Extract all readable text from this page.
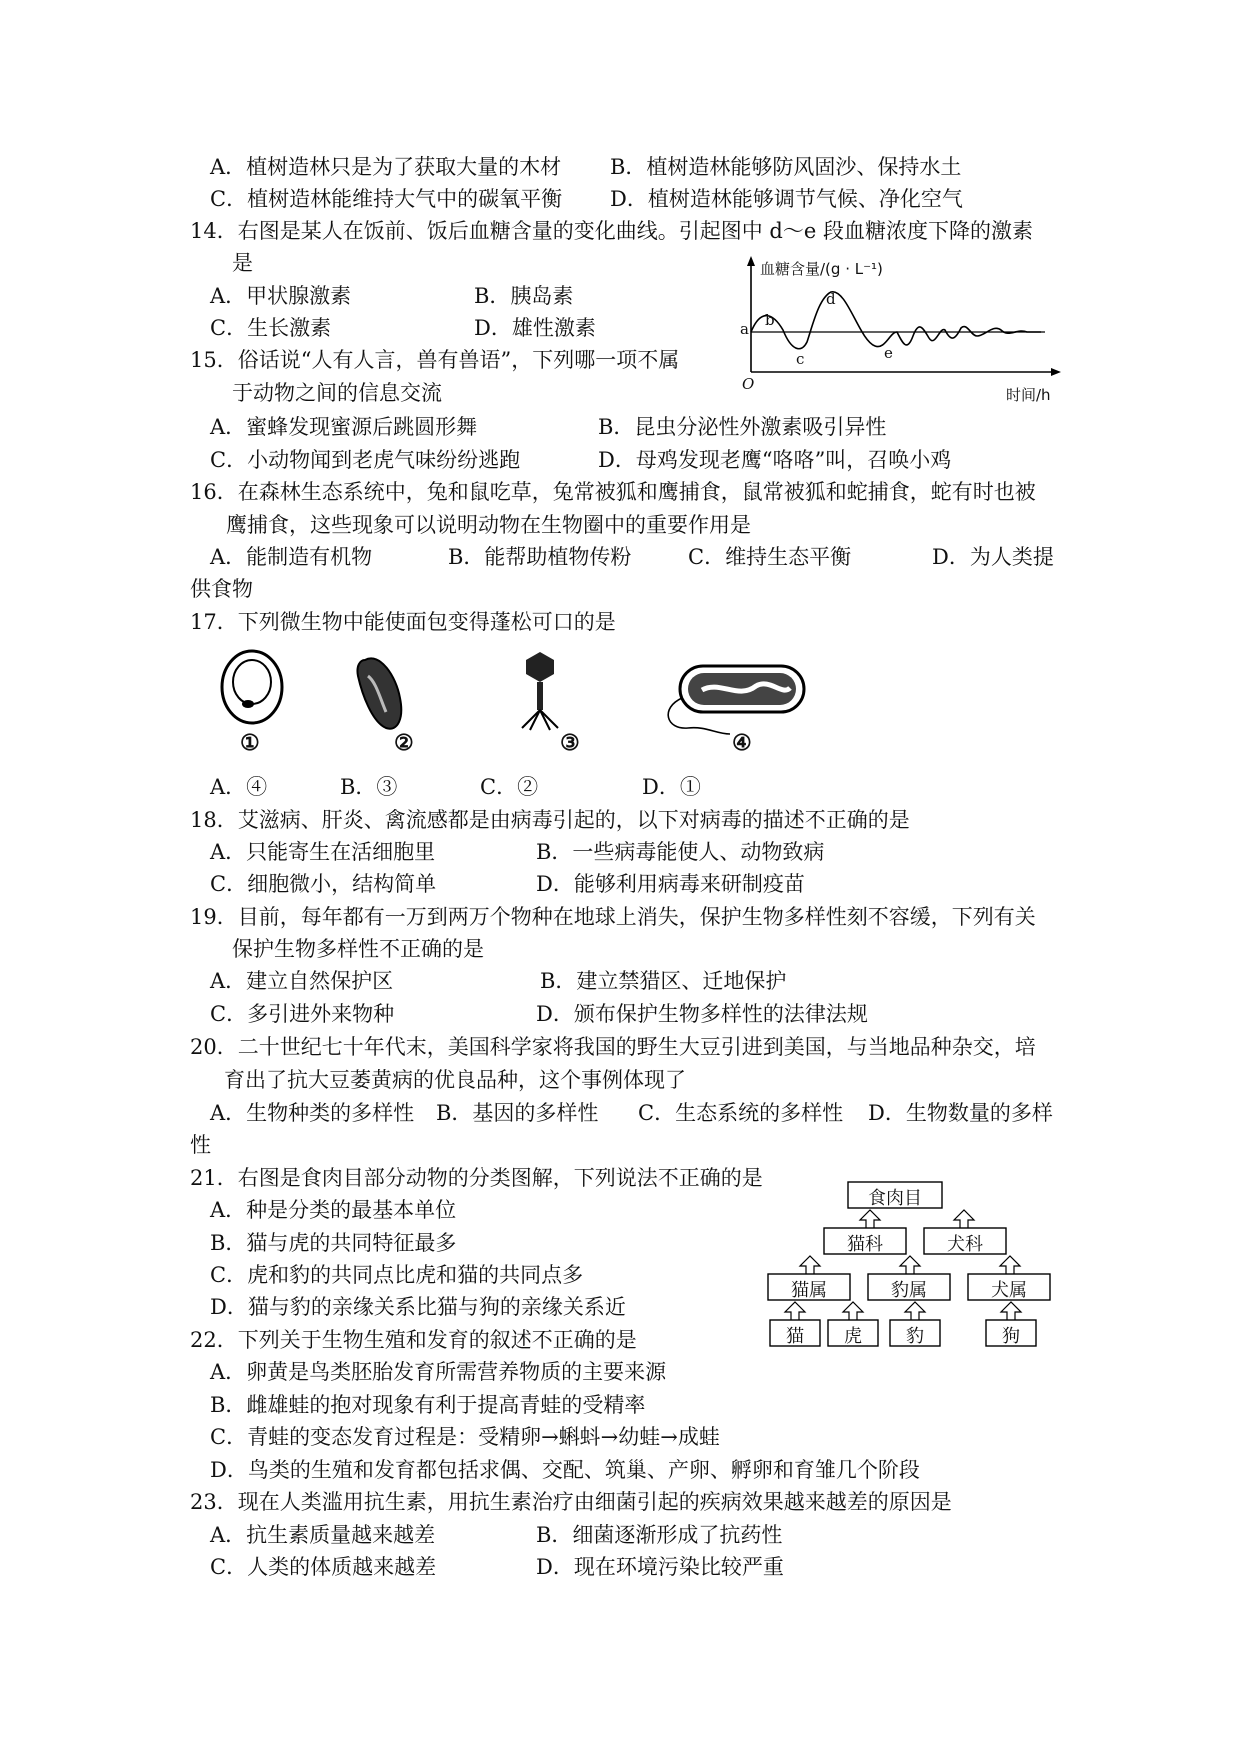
A．植树造林只是为了获取大量的木材 B．植树造林能够防风固沙、保持水土
C．植树造林能维持大气中的碳氧平衡 D．植树造林能够调节气候、净化空气
14．右图是某人在饭前、饭后血糖含量的变化曲线。引起图中 d～e 段血糖浓度下降的激素
是
A．甲状腺激素	B．胰岛素
C．生长激素	D．雄性激素
血糖含量/(g · L⁻¹)
a b
c
d
e
O
时间/h
15．俗话说“人有人言，兽有兽语”，下列哪一项不属
于动物之间的信息交流
A．蜜蜂发现蜜源后跳圆形舞	B．昆虫分泌性外激素吸引异性
C．小动物闻到老虎气味纷纷逃跑	D．母鸡发现老鹰“咯咯”叫，召唤小鸡
16．在森林生态系统中，兔和鼠吃草，兔常被狐和鹰捕食，鼠常被狐和蛇捕食，蛇有时也被
鹰捕食，这些现象可以说明动物在生物圈中的重要作用是
A．能制造有机物	B．能帮助植物传粉	C．维持生态平衡	D．为人类提
供食物
17．下列微生物中能使面包变得蓬松可口的是
①	②	③	④
A．④	B．③	C．②	D．①
18．艾滋病、肝炎、禽流感都是由病毒引起的，以下对病毒的描述不正确的是
A．只能寄生在活细胞里	B．一些病毒能使人、动物致病
C．细胞微小，结构简单	D．能够利用病毒来研制疫苗
19．目前，每年都有一万到两万个物种在地球上消失，保护生物多样性刻不容缓，下列有关
保护生物多样性不正确的是
A．建立自然保护区	B．建立禁猎区、迁地保护
C．多引进外来物种	D．颁布保护生物多样性的法律法规
20．二十世纪七十年代末，美国科学家将我国的野生大豆引进到美国，与当地品种杂交，培
育出了抗大豆萎黄病的优良品种，这个事例体现了
A．生物种类的多样性 B．基因的多样性 C．生态系统的多样性 D．生物数量的多样
性
21．右图是食肉目部分动物的分类图解，下列说法不正确的是
A．种是分类的最基本单位
B．猫与虎的共同特征最多
C．虎和豹的共同点比虎和猫的共同点多
D．猫与豹的亲缘关系比猫与狗的亲缘关系近
食肉目
猫科	犬科
猫属	豹属	犬属
猫	虎	豹	狗
22．下列关于生物生殖和发育的叙述不正确的是
A．卵黄是鸟类胚胎发育所需营养物质的主要来源
B．雌雄蛙的抱对现象有利于提高青蛙的受精率
C．青蛙的变态发育过程是：受精卵→蝌蚪→幼蛙→成蛙
D．鸟类的生殖和发育都包括求偶、交配、筑巢、产卵、孵卵和育雏几个阶段
23．现在人类滥用抗生素，用抗生素治疗由细菌引起的疾病效果越来越差的原因是
A．抗生素质量越来越差	B．细菌逐渐形成了抗药性
C．人类的体质越来越差	D．现在环境污染比较严重
